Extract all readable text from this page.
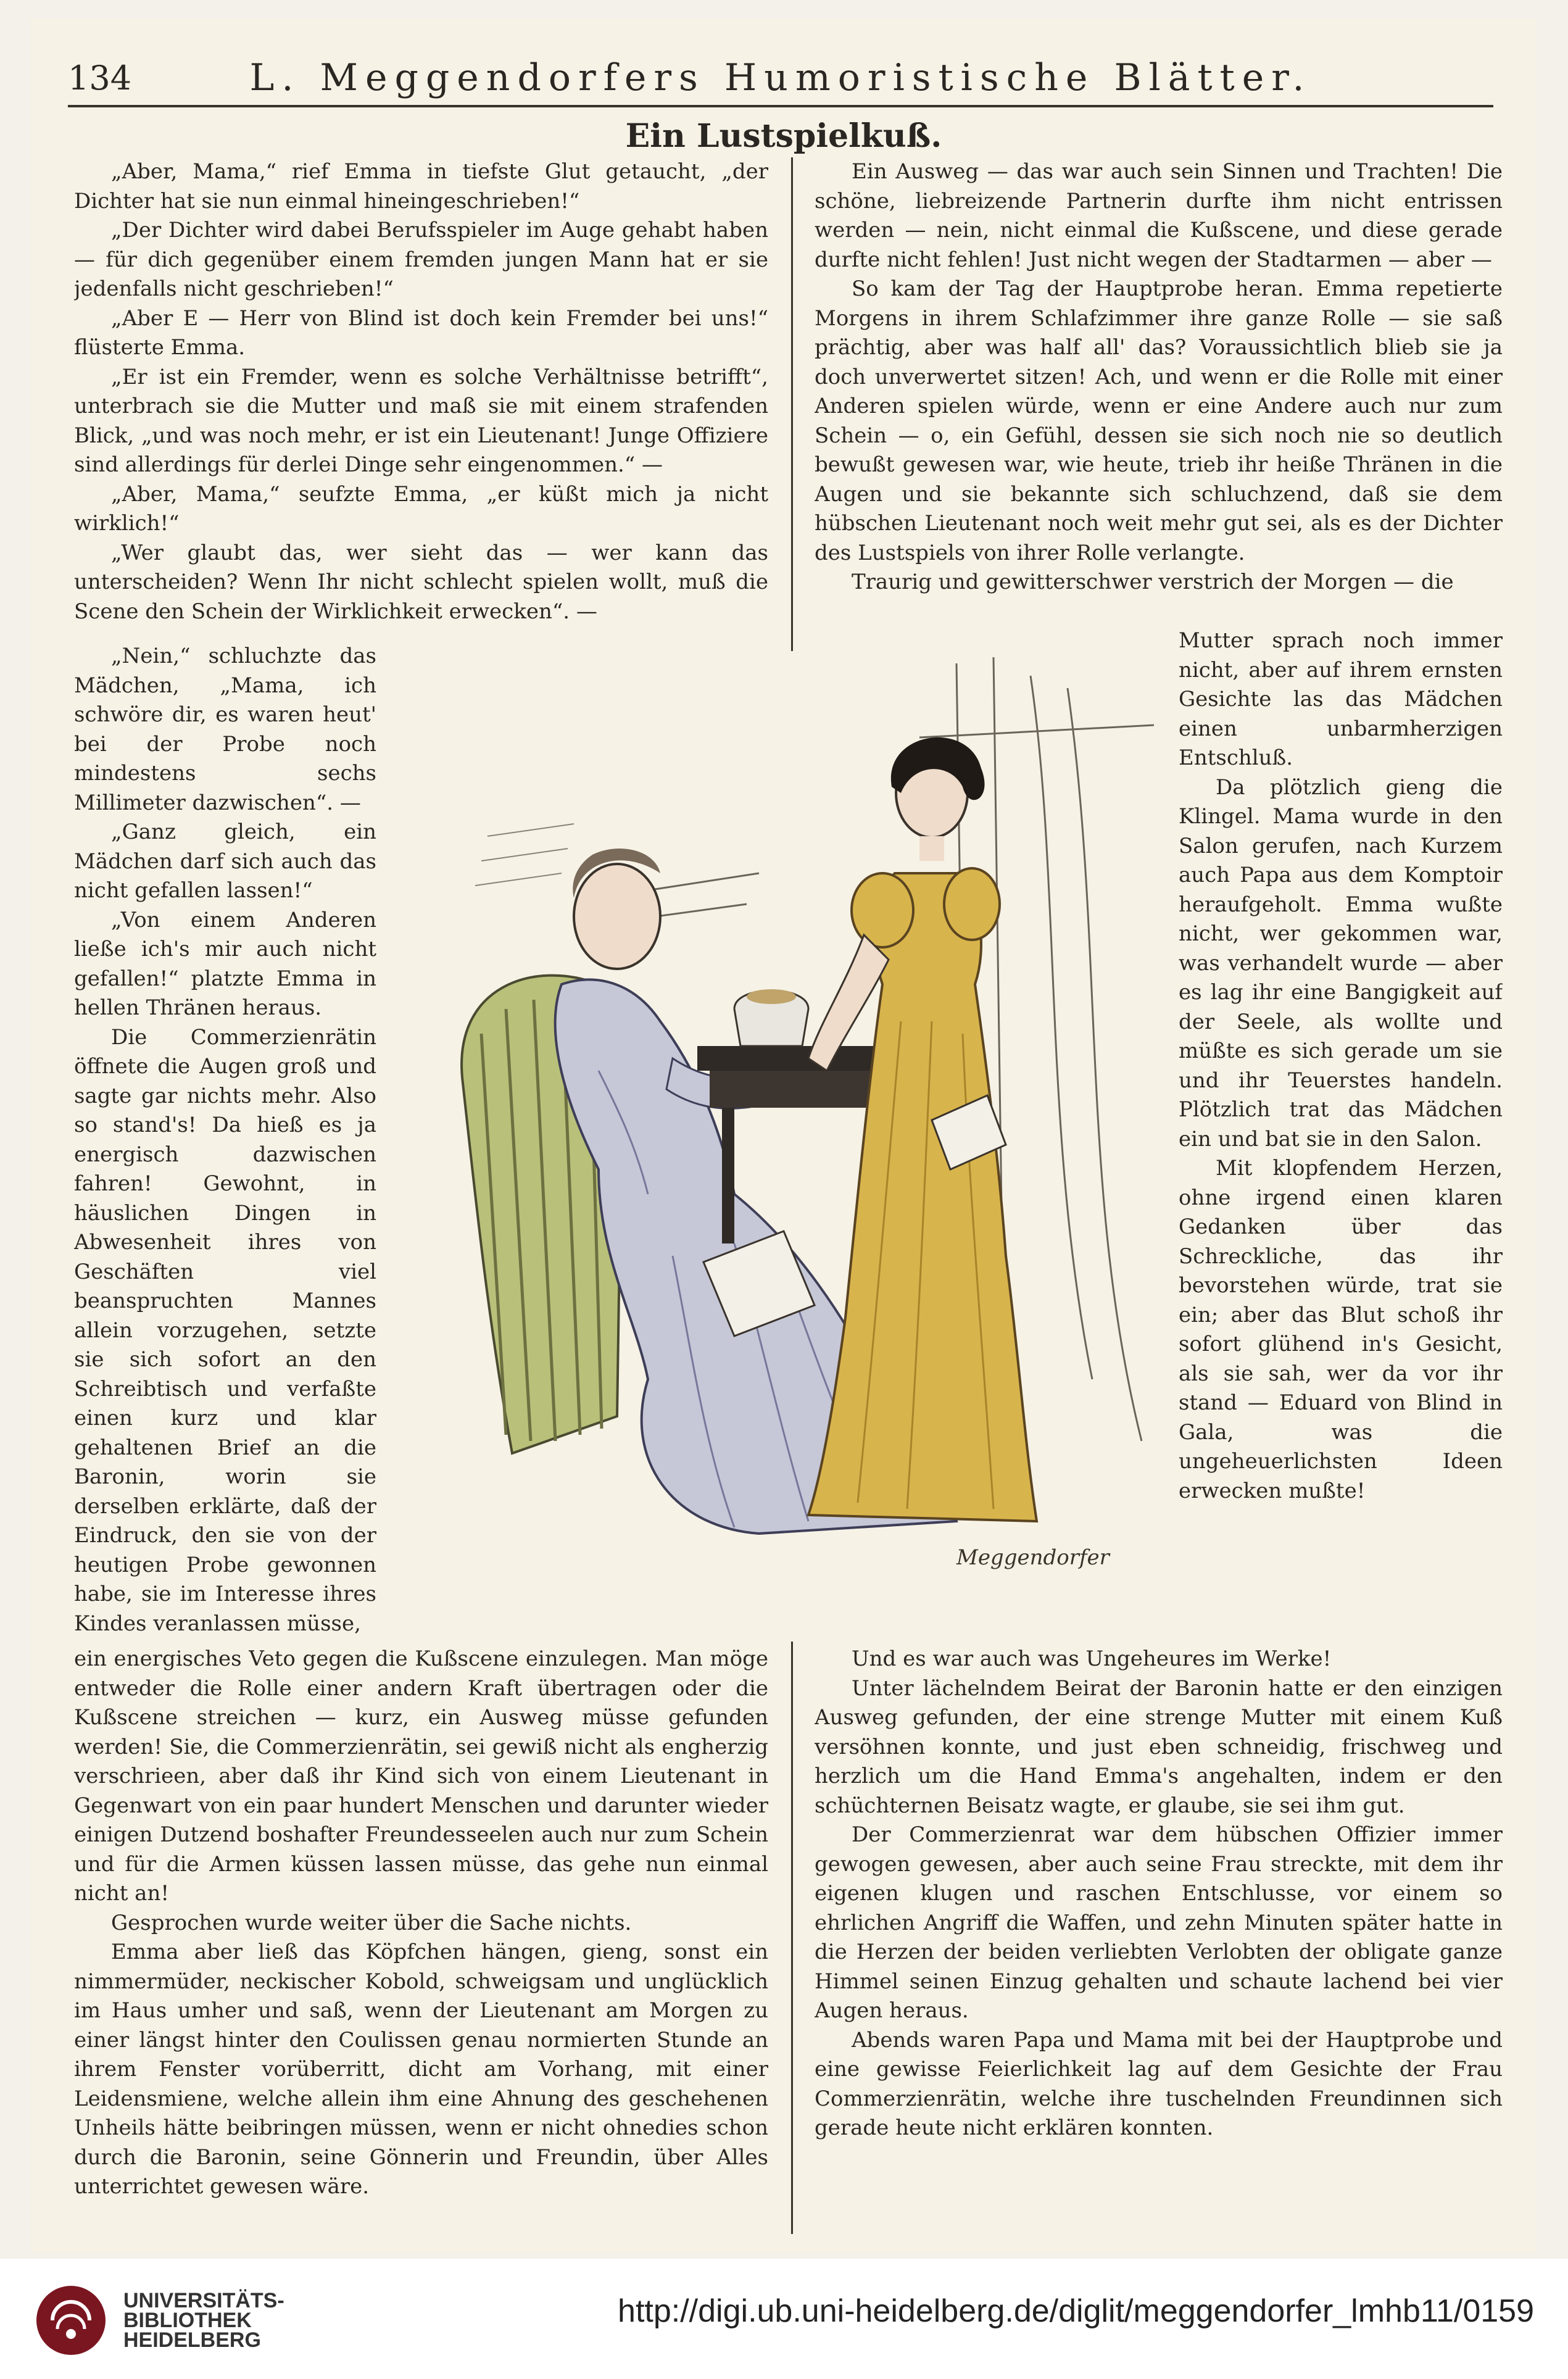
134	L. Meggendorfers Humoristische Blätter.
Ein Lustspielkuß.

„Aber, Mama,“ rief Emma in tiefste Glut getaucht, „der Dichter hat sie nun einmal hineingeschrieben!“

„Der Dichter wird dabei Berufsspieler im Auge gehabt haben — für dich gegenüber einem fremden jungen Mann hat er sie jedenfalls nicht geschrieben!“

„Aber E — Herr von Blind ist doch kein Fremder bei uns!“ flüsterte Emma.

„Er ist ein Fremder, wenn es solche Verhältnisse betrifft“, unterbrach sie die Mutter und maß sie mit einem strafenden Blick, „und was noch mehr, er ist ein Lieutenant! Junge Offiziere sind allerdings für derlei Dinge sehr eingenommen.“ —

„Aber, Mama,“ seufzte Emma, „er küßt mich ja nicht wirklich!“

„Wer glaubt das, wer sieht das — wer kann das unterscheiden? Wenn Ihr nicht schlecht spielen wollt, muß die Scene den Schein der Wirklichkeit erwecken“. —

„Nein,“ schluchzte das Mädchen, „Mama, ich schwöre dir, es waren heut' bei der Probe noch mindestens sechs Millimeter dazwischen“. —

„Ganz gleich, ein Mädchen darf sich auch das nicht gefallen lassen!“

„Von einem Anderen ließe ich's mir auch nicht gefallen!“ platzte Emma in hellen Thränen heraus.

Die Commerzienrätin öffnete die Augen groß und sagte gar nichts mehr. Also so stand's! Da hieß es ja energisch dazwischen fahren! Gewohnt, in häuslichen Dingen in Abwesenheit ihres von Geschäften viel beanspruchten Mannes allein vorzugehen, setzte sie sich sofort an den Schreibtisch und verfaßte einen kurz und klar gehaltenen Brief an die Baronin, worin sie derselben erklärte, daß der Eindruck, den sie von der heutigen Probe gewonnen habe, sie im Interesse ihres Kindes veranlassen müsse,

ein energisches Veto gegen die Kußscene einzulegen. Man möge entweder die Rolle einer andern Kraft übertragen oder die Kußscene streichen — kurz, ein Ausweg müsse gefunden werden! Sie, die Commerzienrätin, sei gewiß nicht als engherzig verschrieen, aber daß ihr Kind sich von einem Lieutenant in Gegenwart von ein paar hundert Menschen und darunter wieder einigen Dutzend boshafter Freundesseelen auch nur zum Schein und für die Armen küssen lassen müsse, das gehe nun einmal nicht an!

Gesprochen wurde weiter über die Sache nichts.

Emma aber ließ das Köpfchen hängen, gieng, sonst ein nimmermüder, neckischer Kobold, schweigsam und unglücklich im Haus umher und saß, wenn der Lieutenant am Morgen zu einer längst hinter den Coulissen genau normierten Stunde an ihrem Fenster vorüberritt, dicht am Vorhang, mit einer Leidensmiene, welche allein ihm eine Ahnung des geschehenen Unheils hätte beibringen müssen, wenn er nicht ohnedies schon durch die Baronin, seine Gönnerin und Freundin, über Alles unterrichtet gewesen wäre.

Ein Ausweg — das war auch sein Sinnen und Trachten! Die schöne, liebreizende Partnerin durfte ihm nicht entrissen werden — nein, nicht einmal die Kußscene, und diese gerade durfte nicht fehlen! Just nicht wegen der Stadtarmen — aber —

So kam der Tag der Hauptprobe heran. Emma repetierte Morgens in ihrem Schlafzimmer ihre ganze Rolle — sie saß prächtig, aber was half all' das? Voraussichtlich blieb sie ja doch unverwertet sitzen! Ach, und wenn er die Rolle mit einer Anderen spielen würde, wenn er eine Andere auch nur zum Schein — o, ein Gefühl, dessen sie sich noch nie so deutlich bewußt gewesen war, wie heute, trieb ihr heiße Thränen in die Augen und sie bekannte sich schluchzend, daß sie dem hübschen Lieutenant noch weit mehr gut sei, als es der Dichter des Lustspiels von ihrer Rolle verlangte.

Traurig und gewitterschwer verstrich der Morgen — die

Mutter sprach noch immer nicht, aber auf ihrem ernsten Gesichte las das Mädchen einen unbarmherzigen Entschluß.

Da plötzlich gieng die Klingel. Mama wurde in den Salon gerufen, nach Kurzem auch Papa aus dem Komptoir heraufgeholt. Emma wußte nicht, wer gekommen war, was verhandelt wurde — aber es lag ihr eine Bangigkeit auf der Seele, als wollte und müßte es sich gerade um sie und ihr Teuerstes handeln. Plötzlich trat das Mädchen ein und bat sie in den Salon.

Mit klopfendem Herzen, ohne irgend einen klaren Gedanken über das Schreckliche, das ihr bevorstehen würde, trat sie ein; aber das Blut schoß ihr sofort glühend in's Gesicht, als sie sah, wer da vor ihr stand — Eduard von Blind in Gala, was die ungeheuerlichsten Ideen erwecken mußte!

Und es war auch was Ungeheures im Werke!

Unter lächelndem Beirat der Baronin hatte er den einzigen Ausweg gefunden, der eine strenge Mutter mit einem Kuß versöhnen konnte, und just eben schneidig, frischweg und herzlich um die Hand Emma's angehalten, indem er den schüchternen Beisatz wagte, er glaube, sie sei ihm gut.

Der Commerzienrat war dem hübschen Offizier immer gewogen gewesen, aber auch seine Frau streckte, mit dem ihr eigenen klugen und raschen Entschlusse, vor einem so ehrlichen Angriff die Waffen, und zehn Minuten später hatte in die Herzen der beiden verliebten Verlobten der obligate ganze Himmel seinen Einzug gehalten und schaute lachend bei vier Augen heraus.

Abends waren Papa und Mama mit bei der Hauptprobe und eine gewisse Feierlichkeit lag auf dem Gesichte der Frau Commerzienrätin, welche ihre tuschelnden Freundinnen sich gerade heute nicht erklären konnten.

Meggendorfer
UNIVERSITÄTS-
BIBLIOTHEK
HEIDELBERG
http://digi.ub.uni-heidelberg.de/diglit/meggendorfer_lmhb11/0159
